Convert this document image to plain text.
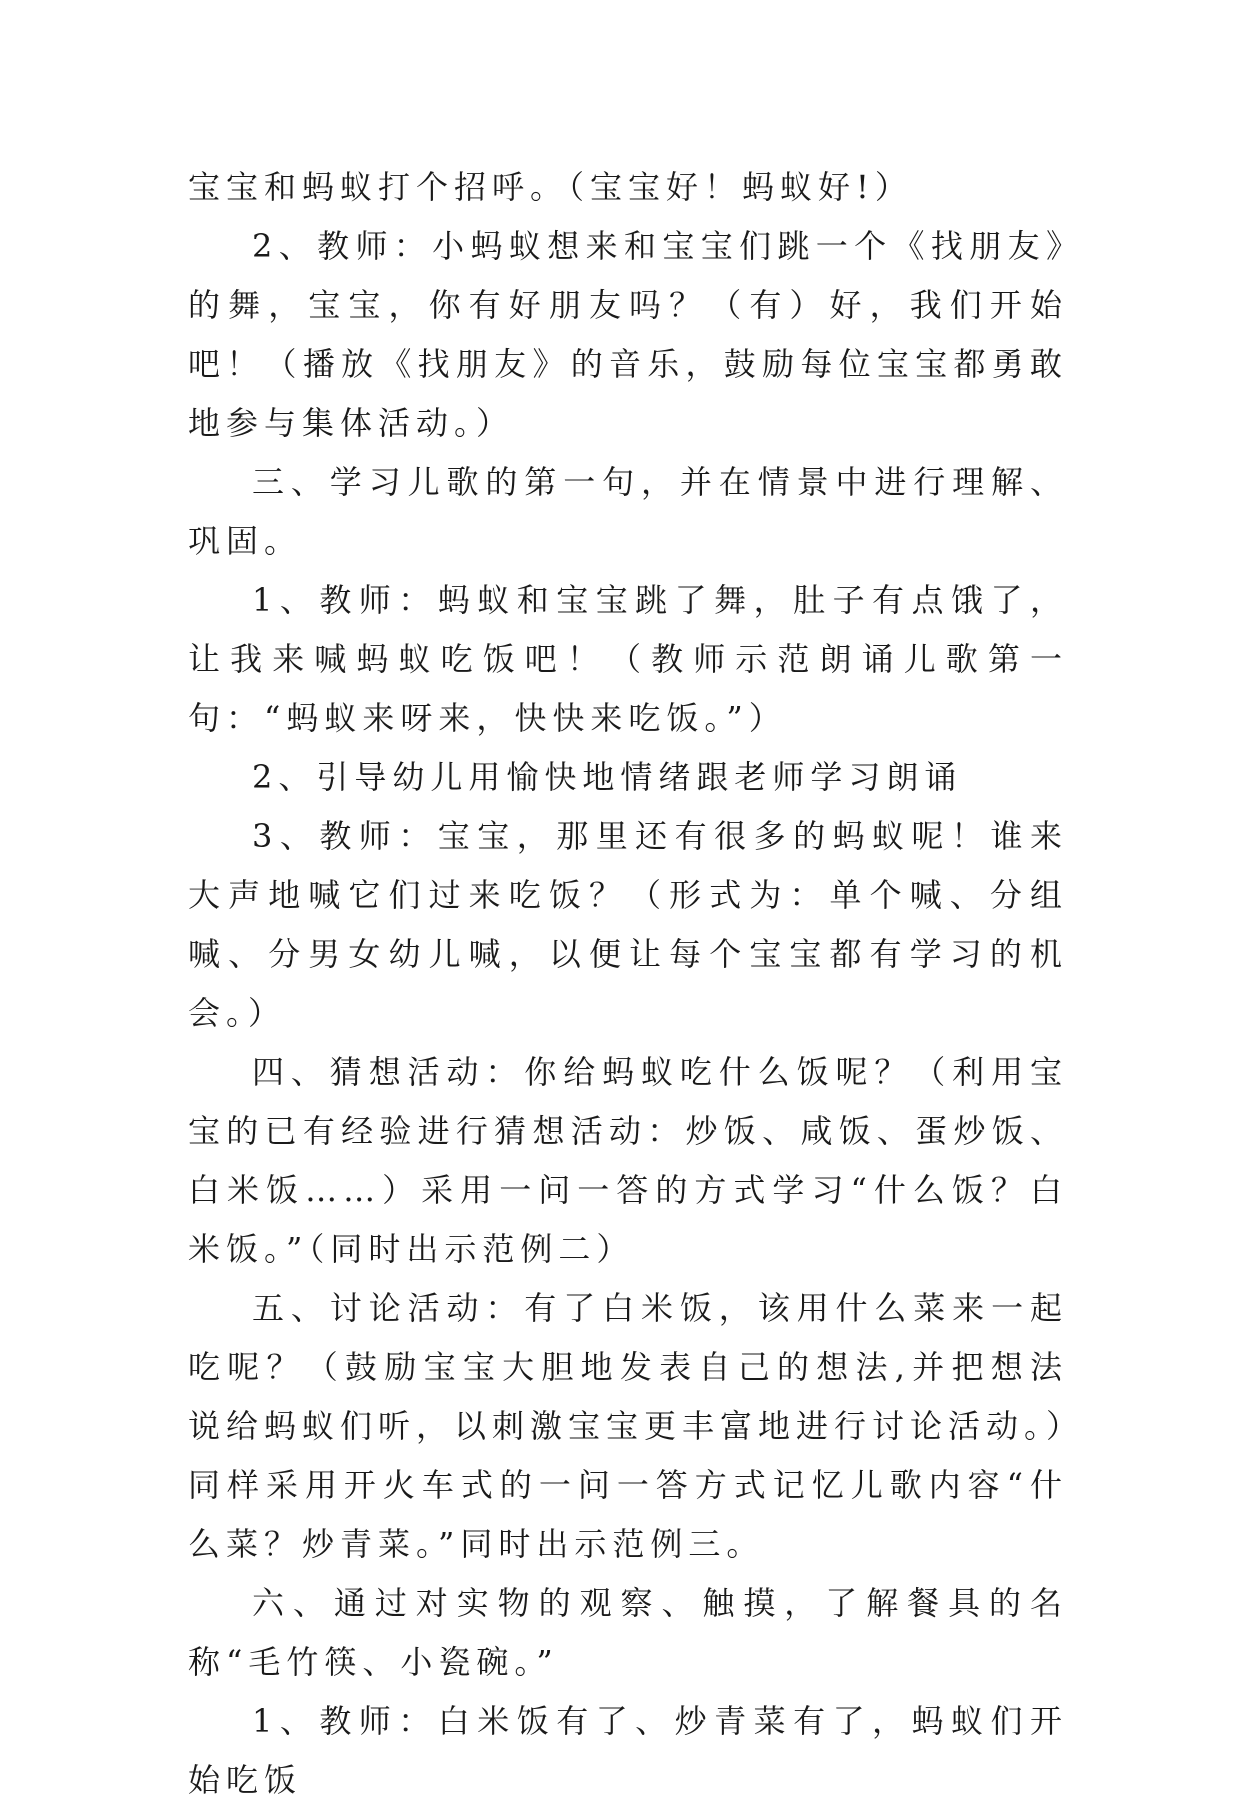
宝宝和蚂蚁打个招呼。（宝宝好！蚂蚁好!）

2、教师：小蚂蚁想来和宝宝们跳一个《找朋友》的舞，宝宝，你有好朋友吗？（有）好，我们开始吧！（播放《找朋友》的音乐，鼓励每位宝宝都勇敢地参与集体活动。）

三、学习儿歌的第一句，并在情景中进行理解、巩固。

1、教师：蚂蚁和宝宝跳了舞，肚子有点饿了，让我来喊蚂蚁吃饭吧！（教师示范朗诵儿歌第一句：“蚂蚁来呀来，快快来吃饭。”）

2、引导幼儿用愉快地情绪跟老师学习朗诵

3、教师：宝宝，那里还有很多的蚂蚁呢！谁来大声地喊它们过来吃饭？（形式为：单个喊、分组喊、分男女幼儿喊，以便让每个宝宝都有学习的机会。）

四、猜想活动：你给蚂蚁吃什么饭呢？（利用宝宝的已有经验进行猜想活动：炒饭、咸饭、蛋炒饭、白米饭……）采用一问一答的方式学习“什么饭？白米饭。”（同时出示范例二）

五、讨论活动：有了白米饭，该用什么菜来一起吃呢？（鼓励宝宝大胆地发表自己的想法,并把想法说给蚂蚁们听，以刺激宝宝更丰富地进行讨论活动。）同样采用开火车式的一问一答方式记忆儿歌内容“什么菜？炒青菜。”同时出示范例三。

六、通过对实物的观察、触摸，了解餐具的名称“毛竹筷、小瓷碗。”

1、教师：白米饭有了、炒青菜有了，蚂蚁们开始吃饭
